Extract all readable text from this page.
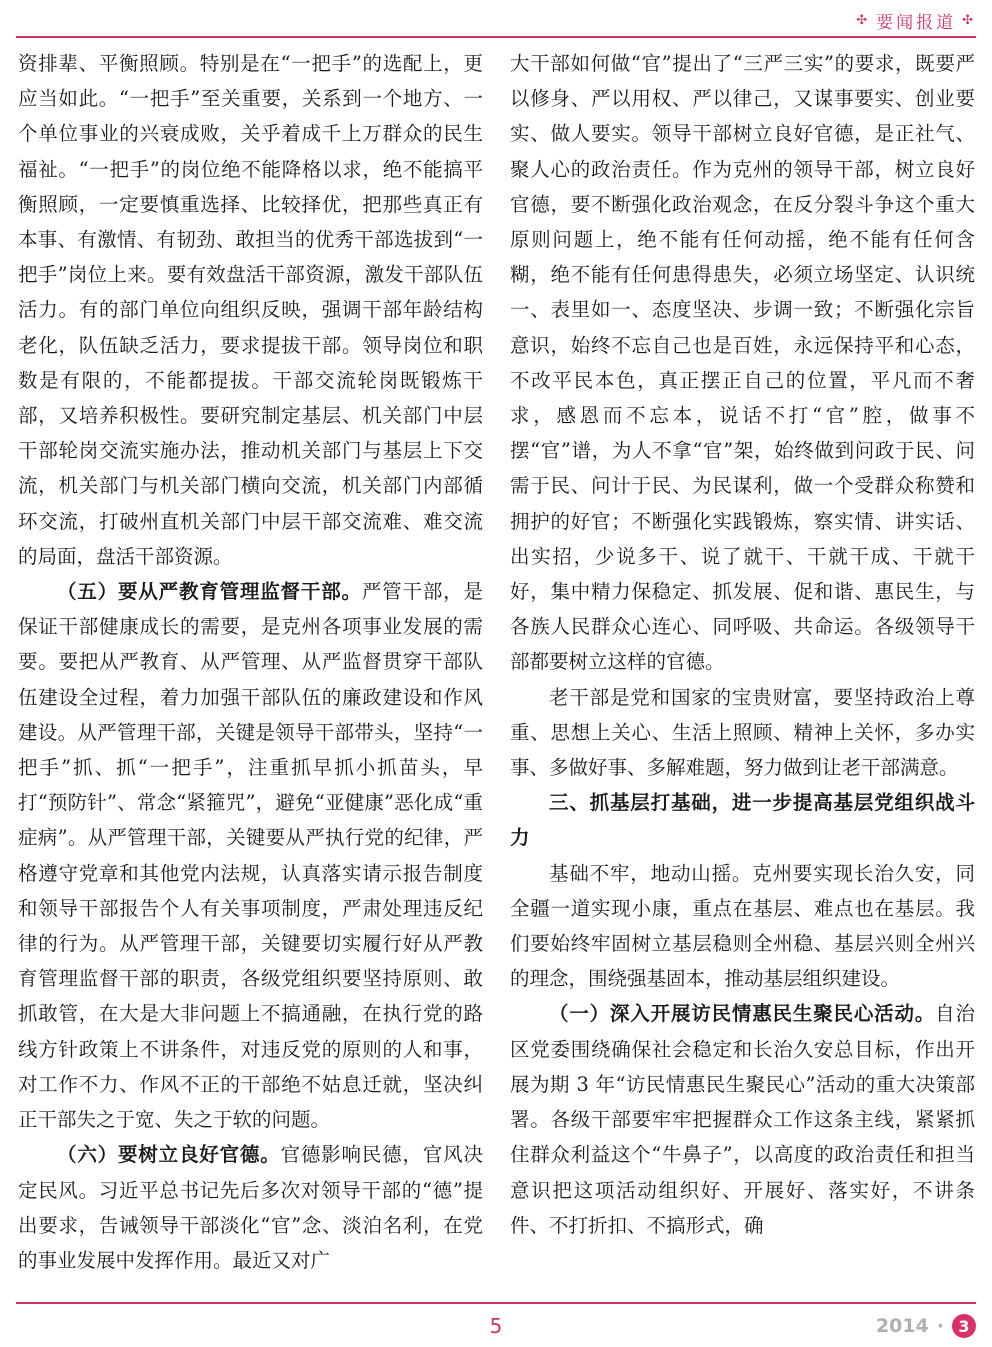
✣ 要闻报道 ✣

资排辈、平衡照顾。特别是在“一把手”的选配上，更应当如此。“一把手”至关重要，关系到一个地方、一个单位事业的兴衰成败，关乎着成千上万群众的民生福祉。“一把手”的岗位绝不能降格以求，绝不能搞平衡照顾，一定要慎重选择、比较择优，把那些真正有本事、有激情、有韧劲、敢担当的优秀干部选拔到“一把手”岗位上来。要有效盘活干部资源，激发干部队伍活力。有的部门单位向组织反映，强调干部年龄结构老化，队伍缺乏活力，要求提拔干部。领导岗位和职数是有限的，不能都提拔。干部交流轮岗既锻炼干部，又培养积极性。要研究制定基层、机关部门中层干部轮岗交流实施办法，推动机关部门与基层上下交流，机关部门与机关部门横向交流，机关部门内部循环交流，打破州直机关部门中层干部交流难、难交流的局面，盘活干部资源。

（五）要从严教育管理监督干部。严管干部，是保证干部健康成长的需要，是克州各项事业发展的需要。要把从严教育、从严管理、从严监督贯穿干部队伍建设全过程，着力加强干部队伍的廉政建设和作风建设。从严管理干部，关键是领导干部带头，坚持“一把手”抓、抓“一把手”，注重抓早抓小抓苗头，早打“预防针”、常念“紧箍咒”，避免“亚健康”恶化成“重症病”。从严管理干部，关键要从严执行党的纪律，严格遵守党章和其他党内法规，认真落实请示报告制度和领导干部报告个人有关事项制度，严肃处理违反纪律的行为。从严管理干部，关键要切实履行好从严教育管理监督干部的职责，各级党组织要坚持原则、敢抓敢管，在大是大非问题上不搞通融，在执行党的路线方针政策上不讲条件，对违反党的原则的人和事，对工作不力、作风不正的干部绝不姑息迁就，坚决纠正干部失之于宽、失之于软的问题。

（六）要树立良好官德。官德影响民德，官风决定民风。习近平总书记先后多次对领导干部的“德”提出要求，告诫领导干部淡化“官”念、淡泊名利，在党的事业发展中发挥作用。最近又对广

大干部如何做“官”提出了“三严三实”的要求，既要严以修身、严以用权、严以律己，又谋事要实、创业要实、做人要实。领导干部树立良好官德，是正社气、聚人心的政治责任。作为克州的领导干部，树立良好官德，要不断强化政治观念，在反分裂斗争这个重大原则问题上，绝不能有任何动摇，绝不能有任何含糊，绝不能有任何患得患失，必须立场坚定、认识统一、表里如一、态度坚决、步调一致；不断强化宗旨意识，始终不忘自己也是百姓，永远保持平和心态，不改平民本色，真正摆正自己的位置，平凡而不奢求，感恩而不忘本，说话不打“官”腔，做事不摆“官”谱，为人不拿“官”架，始终做到问政于民、问需于民、问计于民、为民谋利，做一个受群众称赞和拥护的好官；不断强化实践锻炼，察实情、讲实话、出实招，少说多干、说了就干、干就干成、干就干好，集中精力保稳定、抓发展、促和谐、惠民生，与各族人民群众心连心、同呼吸、共命运。各级领导干部都要树立这样的官德。

老干部是党和国家的宝贵财富，要坚持政治上尊重、思想上关心、生活上照顾、精神上关怀，多办实事、多做好事、多解难题，努力做到让老干部满意。

三、抓基层打基础，进一步提高基层党组织战斗力

基础不牢，地动山摇。克州要实现长治久安，同全疆一道实现小康，重点在基层、难点也在基层。我们要始终牢固树立基层稳则全州稳、基层兴则全州兴的理念，围绕强基固本，推动基层组织建设。

（一）深入开展访民情惠民生聚民心活动。自治区党委围绕确保社会稳定和长治久安总目标，作出开展为期 3 年“访民情惠民生聚民心”活动的重大决策部署。各级干部要牢牢把握群众工作这条主线，紧紧抓住群众利益这个“牛鼻子”，以高度的政治责任和担当意识把这项活动组织好、开展好、落实好，不讲条件、不打折扣、不搞形式，确

5	2014 · 3
